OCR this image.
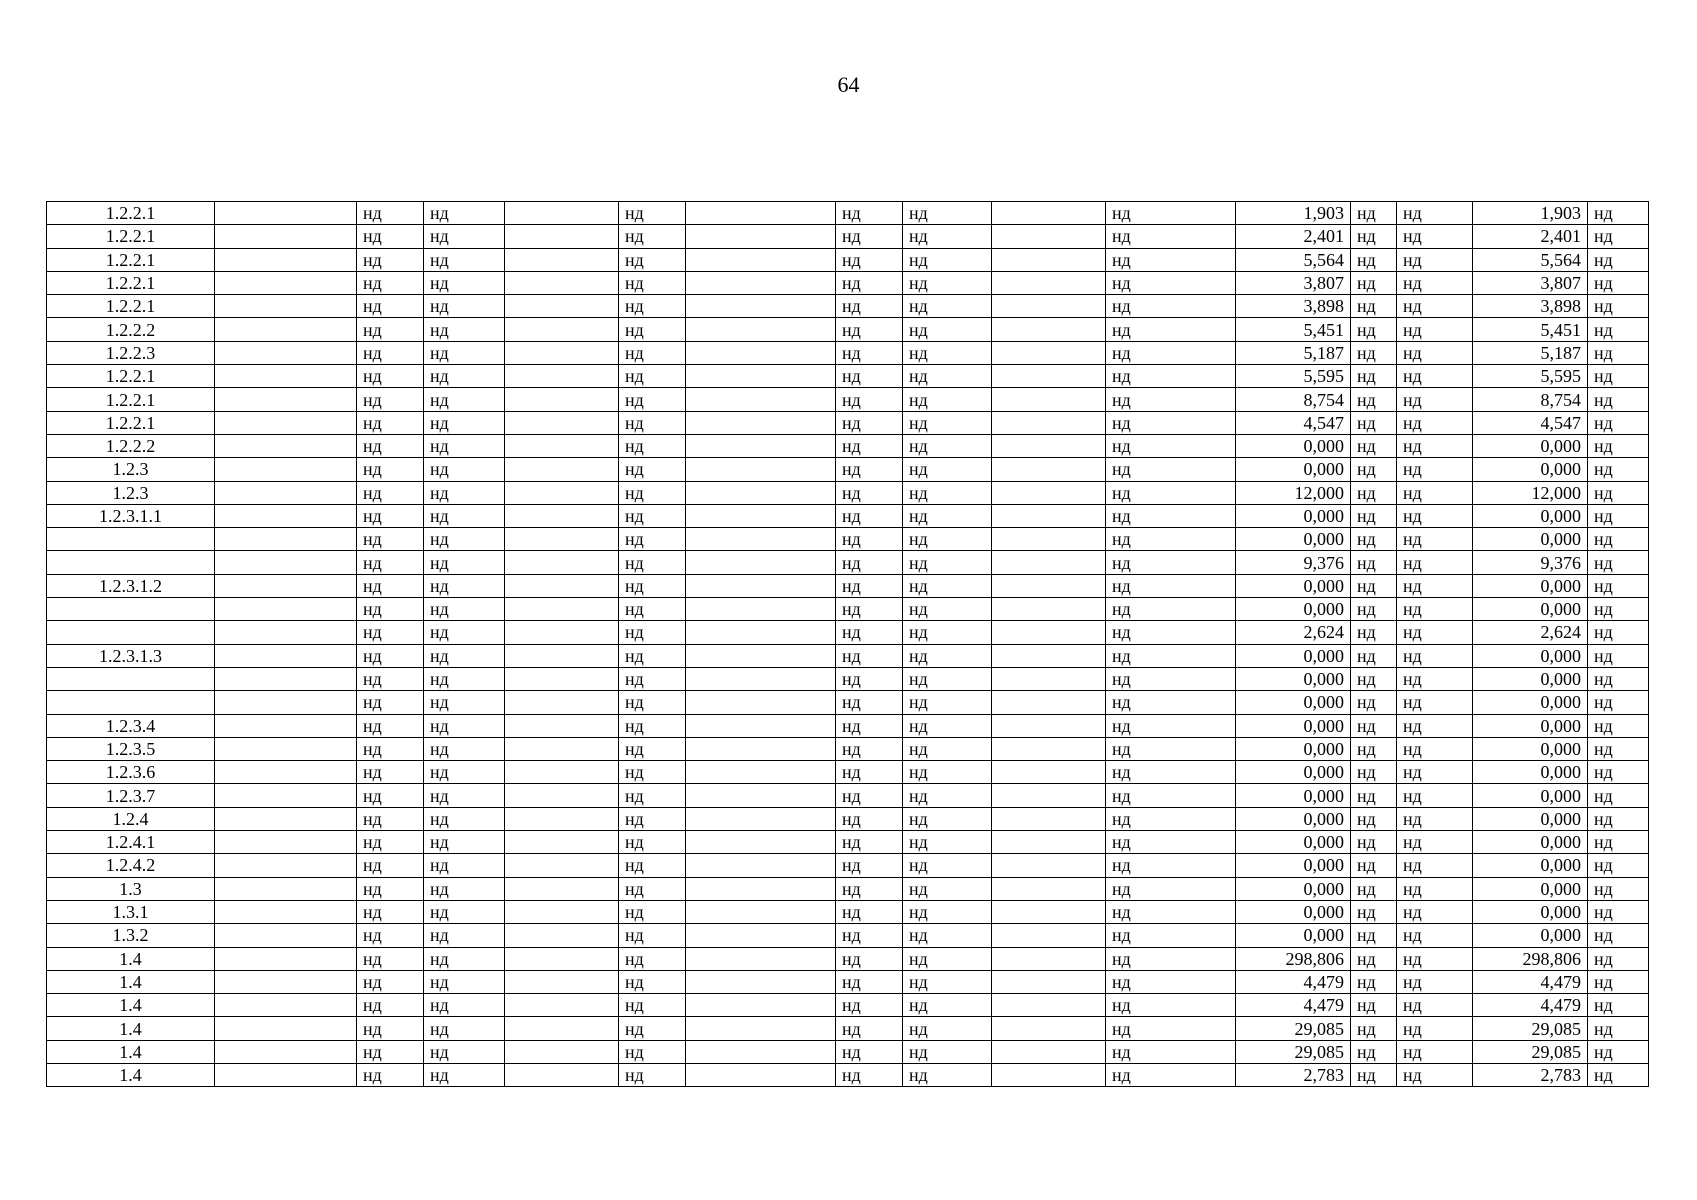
64
1.2.2.1		нд	нд		нд		нд	нд		нд	1,903	нд	нд	1,903	нд
1.2.2.1		нд	нд		нд		нд	нд		нд	2,401	нд	нд	2,401	нд
1.2.2.1		нд	нд		нд		нд	нд		нд	5,564	нд	нд	5,564	нд
1.2.2.1		нд	нд		нд		нд	нд		нд	3,807	нд	нд	3,807	нд
1.2.2.1		нд	нд		нд		нд	нд		нд	3,898	нд	нд	3,898	нд
1.2.2.2		нд	нд		нд		нд	нд		нд	5,451	нд	нд	5,451	нд
1.2.2.3		нд	нд		нд		нд	нд		нд	5,187	нд	нд	5,187	нд
1.2.2.1		нд	нд		нд		нд	нд		нд	5,595	нд	нд	5,595	нд
1.2.2.1		нд	нд		нд		нд	нд		нд	8,754	нд	нд	8,754	нд
1.2.2.1		нд	нд		нд		нд	нд		нд	4,547	нд	нд	4,547	нд
1.2.2.2		нд	нд		нд		нд	нд		нд	0,000	нд	нд	0,000	нд
1.2.3		нд	нд		нд		нд	нд		нд	0,000	нд	нд	0,000	нд
1.2.3		нд	нд		нд		нд	нд		нд	12,000	нд	нд	12,000	нд
1.2.3.1.1		нд	нд		нд		нд	нд		нд	0,000	нд	нд	0,000	нд
		нд	нд		нд		нд	нд		нд	0,000	нд	нд	0,000	нд
		нд	нд		нд		нд	нд		нд	9,376	нд	нд	9,376	нд
1.2.3.1.2		нд	нд		нд		нд	нд		нд	0,000	нд	нд	0,000	нд
		нд	нд		нд		нд	нд		нд	0,000	нд	нд	0,000	нд
		нд	нд		нд		нд	нд		нд	2,624	нд	нд	2,624	нд
1.2.3.1.3		нд	нд		нд		нд	нд		нд	0,000	нд	нд	0,000	нд
		нд	нд		нд		нд	нд		нд	0,000	нд	нд	0,000	нд
		нд	нд		нд		нд	нд		нд	0,000	нд	нд	0,000	нд
1.2.3.4		нд	нд		нд		нд	нд		нд	0,000	нд	нд	0,000	нд
1.2.3.5		нд	нд		нд		нд	нд		нд	0,000	нд	нд	0,000	нд
1.2.3.6		нд	нд		нд		нд	нд		нд	0,000	нд	нд	0,000	нд
1.2.3.7		нд	нд		нд		нд	нд		нд	0,000	нд	нд	0,000	нд
1.2.4		нд	нд		нд		нд	нд		нд	0,000	нд	нд	0,000	нд
1.2.4.1		нд	нд		нд		нд	нд		нд	0,000	нд	нд	0,000	нд
1.2.4.2		нд	нд		нд		нд	нд		нд	0,000	нд	нд	0,000	нд
1.3		нд	нд		нд		нд	нд		нд	0,000	нд	нд	0,000	нд
1.3.1		нд	нд		нд		нд	нд		нд	0,000	нд	нд	0,000	нд
1.3.2		нд	нд		нд		нд	нд		нд	0,000	нд	нд	0,000	нд
1.4		нд	нд		нд		нд	нд		нд	298,806	нд	нд	298,806	нд
1.4		нд	нд		нд		нд	нд		нд	4,479	нд	нд	4,479	нд
1.4		нд	нд		нд		нд	нд		нд	4,479	нд	нд	4,479	нд
1.4		нд	нд		нд		нд	нд		нд	29,085	нд	нд	29,085	нд
1.4		нд	нд		нд		нд	нд		нд	29,085	нд	нд	29,085	нд
1.4		нд	нд		нд		нд	нд		нд	2,783	нд	нд	2,783	нд
